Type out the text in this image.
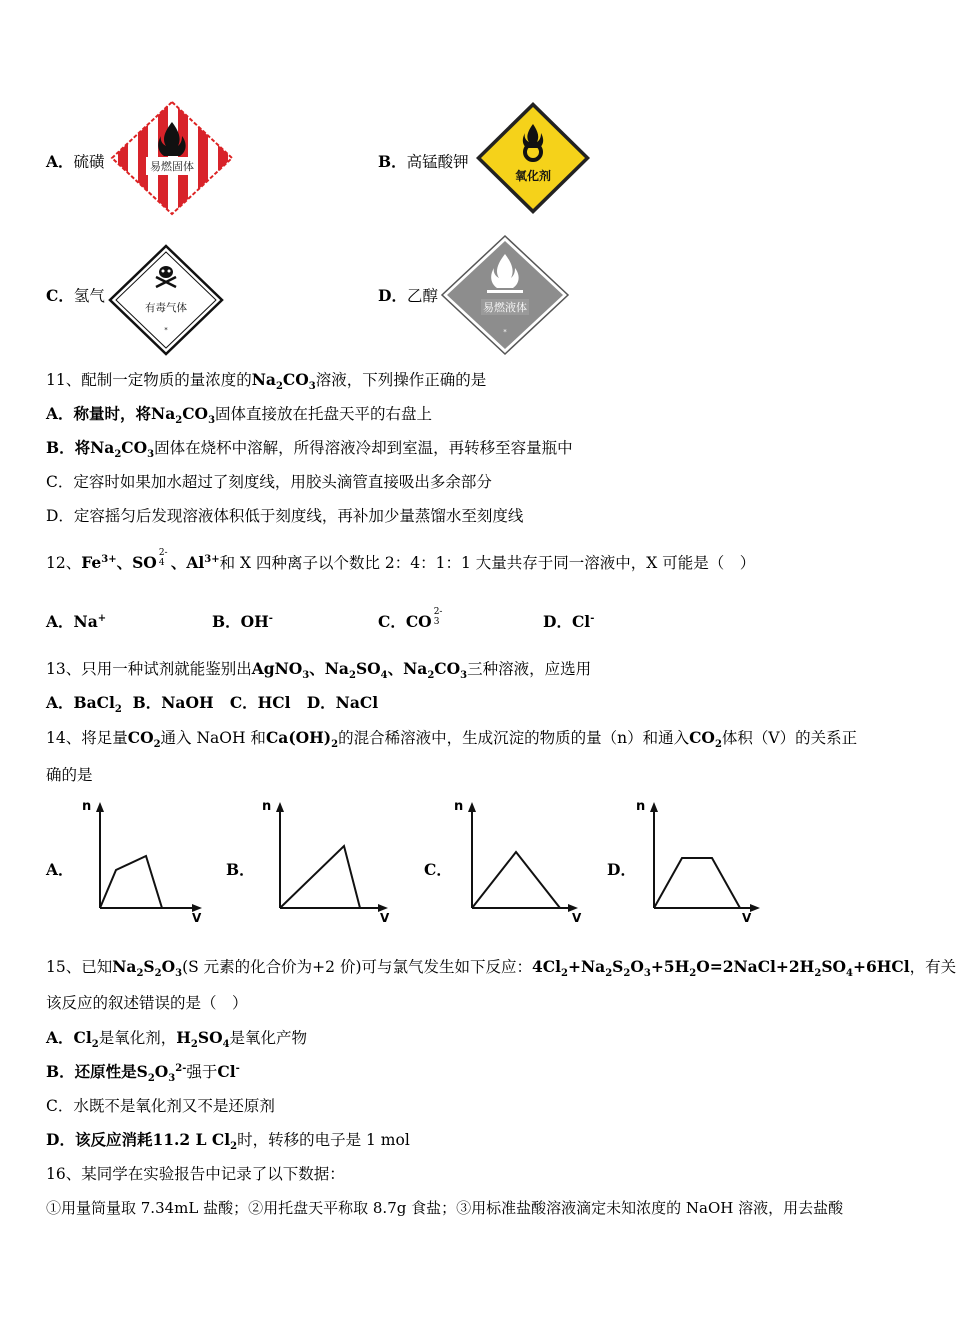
A．硫磺	易燃固体	B．高锰酸钾
氧化剂
C．氢气
有毒气体
*
D．乙醇
易燃液体
*
11、配制一定物质的量浓度的$Na_2CO_3$溶液，下列操作正确的是
A．称量时，将$Na_2CO_3$固体直接放在托盘天平的右盘上
B．将$Na_2CO_3$固体在烧杯中溶解，所得溶液冷却到室温，再转移至容量瓶中
C．定容时如果加水超过了刻度线，用胶头滴管直接吸出多余部分
D．定容摇匀后发现溶液体积低于刻度线，再补加少量蒸馏水至刻度线
12、$Fe^{3+}$、SO 2-
4 、$Al^{3+}$和 X 四种离子以个数比 2：4：1：1 大量共存于同一溶液中，X 可能是（　）
A．Na+	B．OH-	C．CO 2-
3	D．Cl-
13、只用一种试剂就能鉴别出AgNO$_3$、$Na_2SO_4$、$Na_2CO_3$三种溶液，应选用
A．BaCl$_2$  B．NaOH   C．HCl   D．NaCl
14、将足量$CO_2$通入 NaOH 和$Ca(OH)_2$的混合稀溶液中，生成沉淀的物质的量（n）和通入$CO_2$体积（V）的关系正
确的是
A．
n
V
B．
n
V
C．
n
V
D．
n
V
15、已知$Na_2S_2O_3(S$ 元素的化合价为+2 价)可与氯气发生如下反应：$4Cl_2+Na_2S_2O_3+5H_2O=2NaCl+2H_2SO_4+6HCl$，有关
该反应的叙述错误的是（　）
A．$Cl_2$是氧化剂，$H_2SO_4$是氧化产物
B．还原性是$S_2O_3^{2-}$强于Cl-
C．水既不是氧化剂又不是还原剂
D．该反应消耗11.2 L $Cl_2$时，转移的电子是 1 mol
16、某同学在实验报告中记录了以下数据：
①用量筒量取 7.34mL 盐酸；②用托盘天平称取 8.7g 食盐；③用标准盐酸溶液滴定未知浓度的 NaOH 溶液，用去盐酸
